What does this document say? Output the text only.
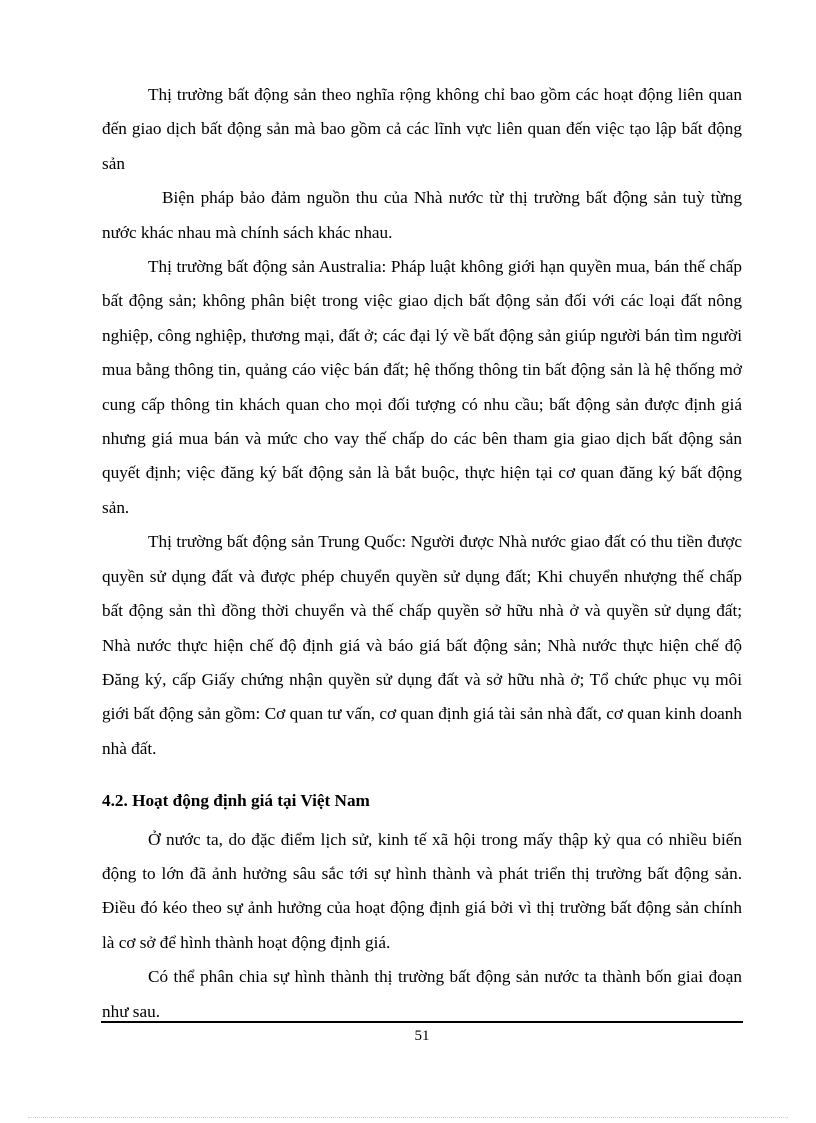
Thị trường bất động sản theo nghĩa rộng không chỉ bao gồm các hoạt động liên quan đến giao dịch bất động sản mà bao gồm cả các lĩnh vực liên quan đến việc tạo lập bất động sản

Biện pháp bảo đảm nguồn thu của Nhà nước từ thị trường bất động sản tuỳ từng nước khác nhau mà chính sách khác nhau.

Thị trường bất động sản Australia: Pháp luật không giới hạn quyền mua, bán thế chấp bất động sản; không phân biệt trong việc giao dịch bất động sản đối với các loại đất nông nghiệp, công nghiệp, thương mại, đất ở; các đại lý về bất động sản giúp người bán tìm người mua bằng thông tin, quảng cáo việc bán đất; hệ thống thông tin bất động sản là hệ thống mở cung cấp thông tin khách quan cho mọi đối tượng có nhu cầu; bất động sản được định giá nhưng giá mua bán và mức cho vay thế chấp do các bên tham gia giao dịch bất động sản quyết định; việc đăng ký bất động sản là bắt buộc, thực hiện tại cơ quan đăng ký bất động sản.

Thị trường bất động sản Trung Quốc: Người được Nhà nước giao đất có thu tiền được quyền sử dụng đất và được phép chuyển quyền sử dụng đất; Khi chuyển nhượng thế chấp bất động sản thì đồng thời chuyển và thế chấp quyền sở hữu nhà ở và quyền sử dụng đất; Nhà nước thực hiện chế độ định giá và báo giá bất động sản; Nhà nước thực hiện chế độ Đăng ký, cấp Giấy chứng nhận quyền sử dụng đất và sở hữu nhà ở; Tổ chức phục vụ môi giới bất động sản gồm: Cơ quan tư vấn, cơ quan định giá tài sản nhà đất, cơ quan kinh doanh nhà đất.

4.2. Hoạt động định giá tại Việt Nam

Ở nước ta, do đặc điểm lịch sử, kinh tế xã hội trong mấy thập kỷ qua có nhiều biến động to lớn đã ảnh hưởng sâu sắc tới sự hình thành và phát triển thị trường bất động sản. Điều đó kéo theo sự ảnh hưởng của hoạt động định giá bởi vì thị trường bất động sản chính là cơ sở để hình thành hoạt động định giá.

Có thể phân chia sự hình thành thị trường bất động sản nước ta thành bốn giai đoạn như sau.

51
